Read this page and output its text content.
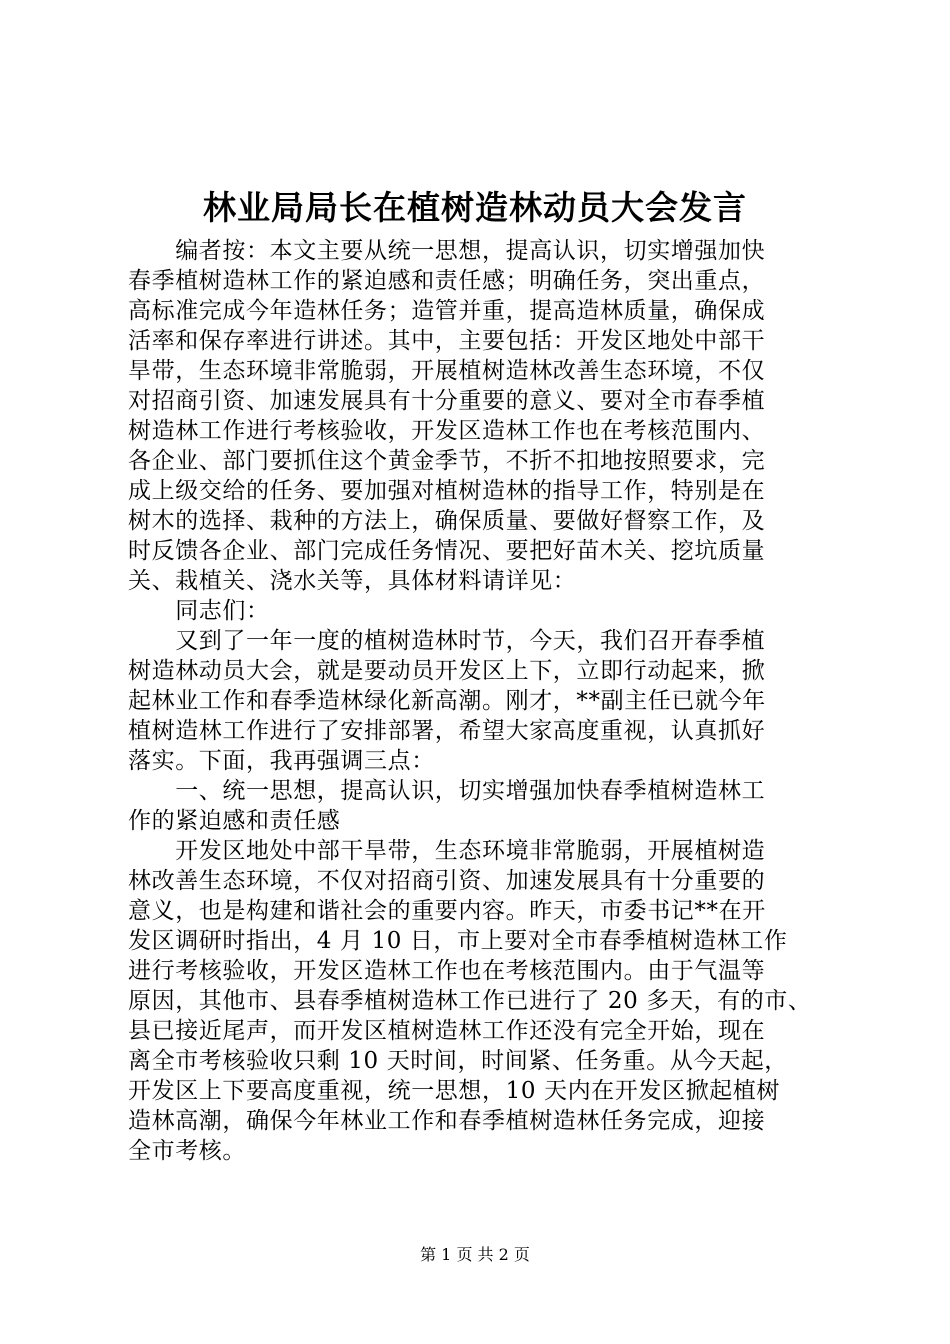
林业局局长在植树造林动员大会发言
　　编者按：本文主要从统一思想，提高认识，切实增强加快
春季植树造林工作的紧迫感和责任感；明确任务，突出重点，
高标准完成今年造林任务；造管并重，提高造林质量，确保成
活率和保存率进行讲述。其中，主要包括：开发区地处中部干
旱带，生态环境非常脆弱，开展植树造林改善生态环境，不仅
对招商引资、加速发展具有十分重要的意义、要对全市春季植
树造林工作进行考核验收，开发区造林工作也在考核范围内、
各企业、部门要抓住这个黄金季节，不折不扣地按照要求，完
成上级交给的任务、要加强对植树造林的指导工作，特别是在
树木的选择、栽种的方法上，确保质量、要做好督察工作，及
时反馈各企业、部门完成任务情况、要把好苗木关、挖坑质量
关、栽植关、浇水关等，具体材料请详见：
　　同志们：
　　又到了一年一度的植树造林时节，今天，我们召开春季植
树造林动员大会，就是要动员开发区上下，立即行动起来，掀
起林业工作和春季造林绿化新高潮。刚才，**副主任已就今年
植树造林工作进行了安排部署，希望大家高度重视，认真抓好
落实。下面，我再强调三点：
　　一、统一思想，提高认识，切实增强加快春季植树造林工
作的紧迫感和责任感
　　开发区地处中部干旱带，生态环境非常脆弱，开展植树造
林改善生态环境，不仅对招商引资、加速发展具有十分重要的
意义，也是构建和谐社会的重要内容。昨天，市委书记**在开
发区调研时指出，4 月 10 日，市上要对全市春季植树造林工作
进行考核验收，开发区造林工作也在考核范围内。由于气温等
原因，其他市、县春季植树造林工作已进行了 20 多天，有的市、
县已接近尾声，而开发区植树造林工作还没有完全开始，现在
离全市考核验收只剩 10 天时间，时间紧、任务重。从今天起，
开发区上下要高度重视，统一思想，10 天内在开发区掀起植树
造林高潮，确保今年林业工作和春季植树造林任务完成，迎接
全市考核。
第 1 页 共 2 页
